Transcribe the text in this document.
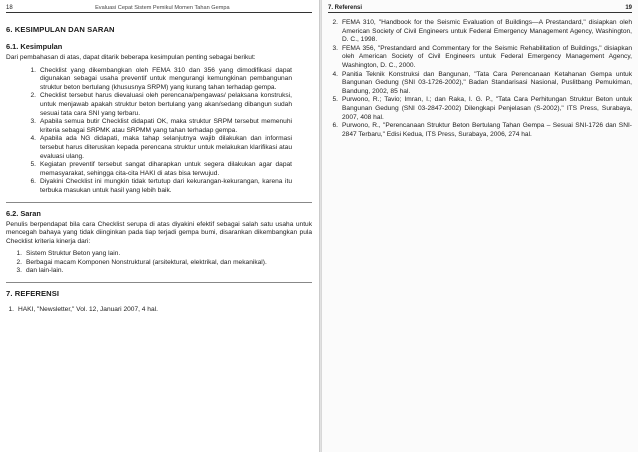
18	Evaluasi Cepat Sistem Pemikul Momen Tahan Gempa
6. KESIMPULAN DAN SARAN
6.1. Kesimpulan

Dari pembahasan di atas, dapat ditarik beberapa kesimpulan penting sebagai berikut:

1. Checklist yang dikembangkan oleh FEMA 310 dan 356 yang dimodifikasi dapat digunakan sebagai usaha preventif untuk mengurangi kemungkinan pembangunan struktur beton bertulang (khususnya SRPM) yang kurang tahan terhadap gempa.
2. Checklist tersebut harus dievaluasi oleh perencana/pengawas/ pelaksana konstruksi, untuk menjawab apakah struktur beton bertulang yang akan/sedang dibangun sudah sesuai tata cara SNI yang terbaru.
3. Apabila semua butir Checklist didapati OK, maka struktur SRPM tersebut memenuhi kriteria sebagai SRPMK atau SRPMM yang tahan terhadap gempa.
4. Apabila ada NG didapati, maka tahap selanjutnya wajib dilakukan dan informasi tersebut harus diteruskan kepada perencana struktur untuk melakukan klarifikasi atau evaluasi ulang.
5. Kegiatan preventif tersebut sangat diharapkan untuk segera dilakukan agar dapat memasyarakat, sehingga cita-cita HAKI di atas bisa terwujud.
6. Diyakini Checklist ini mungkin tidak tertutup dari kekurangan-kekurangan, karena itu terbuka masukan untuk hasil yang lebih baik.
6.2. Saran

Penulis berpendapat bila cara Checklist serupa di atas diyakini efektif sebagai salah satu usaha untuk mencegah bahaya yang tidak diinginkan pada tiap terjadi gempa bumi, disarankan dikembangkan pula Checklist kriteria kinerja dari:

1. Sistem Struktur Beton yang lain.
2. Berbagai macam Komponen Nonstruktural (arsitektural, elektrikal, dan mekanikal).
3. dan lain-lain.
7. REFERENSI
1. HAKI, "Newsletter," Vol. 12, Januari 2007, 4 hal.
7. Referensi	19
2. FEMA 310, "Handbook for the Seismic Evaluation of Buildings—A Prestandard," disiapkan oleh American Society of Civil Engineers untuk Federal Emergency Management Agency, Washington, D. C., 1998.
3. FEMA 356, "Prestandard and Commentary for the Seismic Rehabilitation of Buildings," disiapkan oleh American Society of Civil Engineers untuk Federal Emergency Management Agency, Washington, D. C., 2000.
4. Panitia Teknik Konstruksi dan Bangunan, "Tata Cara Perencanaan Ketahanan Gempa untuk Bangunan Gedung (SNI 03-1726-2002)," Badan Standarisasi Nasional, Puslitbang Pemukiman, Bandung, 2002, 85 hal.
5. Purwono, R.; Tavio; Imran, I.; dan Raka, I. G. P., "Tata Cara Perhitungan Struktur Beton untuk Bangunan Gedung (SNI 03-2847-2002) Dilengkapi Penjelasan (S-2002)," ITS Press, Surabaya, 2007, 408 hal.
6. Purwono, R., "Perencanaan Struktur Beton Bertulang Tahan Gempa – Sesuai SNI-1726 dan SNI-2847 Terbaru," Edisi Kedua, ITS Press, Surabaya, 2006, 274 hal.
